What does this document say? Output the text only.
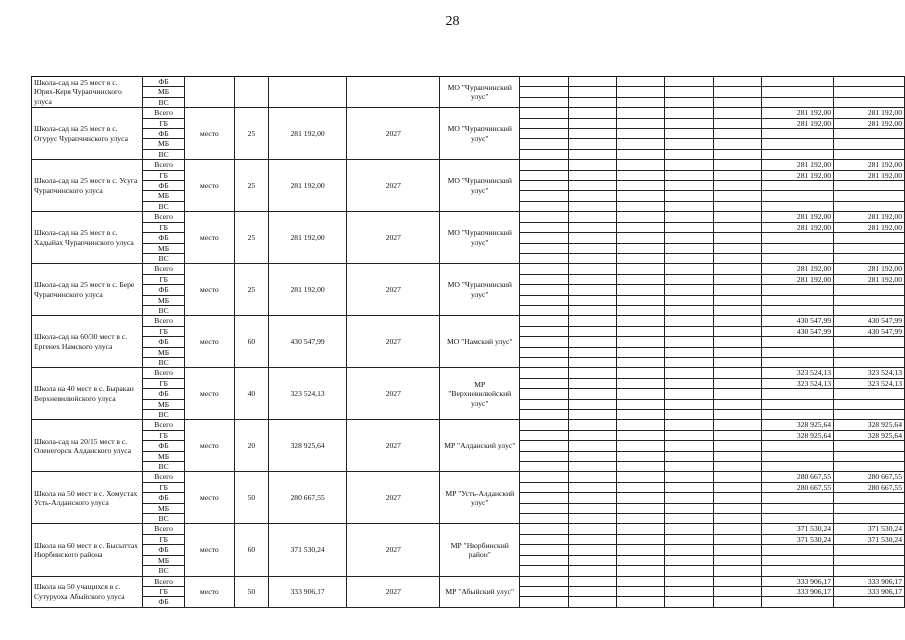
28
Школа-сад на 25 мест в с. Юрях-Керя Чурапчинского улуса	ФБ					МО "Чурапчинский улус"							
	МБ												
	ВС												
Школа-сад на 25 мест в с. Огурус Чурапчинского улуса	Всего	место	25	281 192,00	2027	МО "Чурапчинский улус"						281 192,00	281 192,00
	ГБ											281 192,00	281 192,00
	ФБ												
	МБ												
	ВС												
Школа-сад на 25 мест в с. Усуга Чурапчинского улуса	Всего	место	25	281 192,00	2027	МО "Чурапчинский улус"						281 192,00	281 192,00
	ГБ											281 192,00	281 192,00
	ФБ												
	МБ												
	ВС												
Школа-сад на 25 мест в с. Хадыйах Чурапчинского улуса	Всего	место	25	281 192,00	2027	МО "Чурапчинский улус"						281 192,00	281 192,00
	ГБ											281 192,00	281 192,00
	ФБ												
	МБ												
	ВС												
Школа-сад на 25 мест в с. Бере Чурапчинского улуса	Всего	место	25	281 192,00	2027	МО "Чурапчинский улус"						281 192,00	281 192,00
	ГБ											281 192,00	281 192,00
	ФБ												
	МБ												
	ВС												
Школа-сад на 60/30 мест в с. Ергенех Намского улуса	Всего	место	60	430 547,99	2027	МО "Намский улус"						430 547,99	430 547,99
	ГБ											430 547,99	430 547,99
	ФБ												
	МБ												
	ВС												
Школа на 40 мест в с. Быракан Верхневилюйского улуса	Всего	место	40	323 524,13	2027	МР "Верхневилюйский улус"						323 524,13	323 524,13
	ГБ											323 524,13	323 524,13
	ФБ												
	МБ												
	ВС												
Школа-сад на 20/15 мест в с. Оленегорск Алданского улуса	Всего	место	20	328 925,64	2027	МР "Алданский улус"						328 925,64	328 925,64
	ГБ											328 925,64	328 925,64
	ФБ												
	МБ												
	ВС												
Школа на 50 мест в с. Хомустах Усть-Алданского улуса	Всего	место	50	280 667,55	2027	МР "Усть-Алданский улус"						280 667,55	280 667,55
	ГБ											280 667,55	280 667,55
	ФБ												
	МБ												
	ВС												
Школа на 60 мест в с. Бысыттах Нюрбинского района	Всего	место	60	371 530,24	2027	МР "Нюрбинский район"						371 530,24	371 530,24
	ГБ											371 530,24	371 530,24
	ФБ												
	МБ												
	ВС												
Школа на 50 учащихся в с. Сутуруоха Абыйского улуса	Всего	место	50	333 906,17	2027	МР "Абыйский улус"						333 906,17	333 906,17
	ГБ											333 906,17	333 906,17
	ФБ												
